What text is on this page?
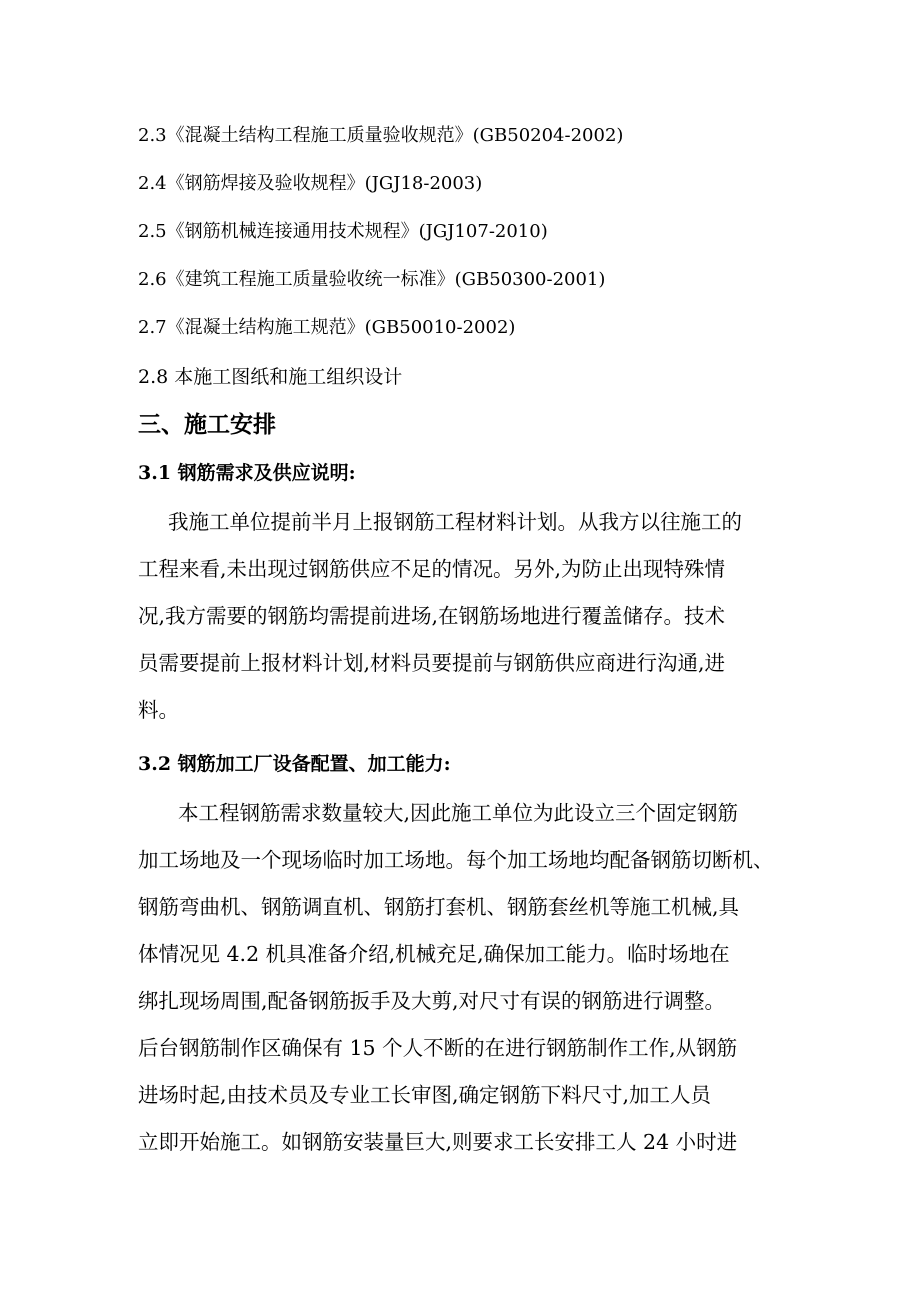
2.3《混凝土结构工程施工质量验收规范》(GB50204-2002)
2.4《钢筋焊接及验收规程》(JGJ18-2003)
2.5《钢筋机械连接通用技术规程》(JGJ107-2010)
2.6《建筑工程施工质量验收统一标准》(GB50300-2001)
2.7《混凝土结构施工规范》(GB50010-2002)
2.8 本施工图纸和施工组织设计
三、施工安排
3.1 钢筋需求及供应说明:
我施工单位提前半月上报钢筋工程材料计划。从我方以往施工的
工程来看,未出现过钢筋供应不足的情况。另外,为防止出现特殊情
况,我方需要的钢筋均需提前进场,在钢筋场地进行覆盖储存。技术
员需要提前上报材料计划,材料员要提前与钢筋供应商进行沟通,进
料。
3.2 钢筋加工厂设备配置、加工能力:
本工程钢筋需求数量较大,因此施工单位为此设立三个固定钢筋
加工场地及一个现场临时加工场地。每个加工场地均配备钢筋切断机、
钢筋弯曲机、钢筋调直机、钢筋打套机、钢筋套丝机等施工机械,具
体情况见 4.2 机具准备介绍,机械充足,确保加工能力。临时场地在
绑扎现场周围,配备钢筋扳手及大剪,对尺寸有误的钢筋进行调整。
后台钢筋制作区确保有 15 个人不断的在进行钢筋制作工作,从钢筋
进场时起,由技术员及专业工长审图,确定钢筋下料尺寸,加工人员
立即开始施工。如钢筋安装量巨大,则要求工长安排工人 24 小时进
